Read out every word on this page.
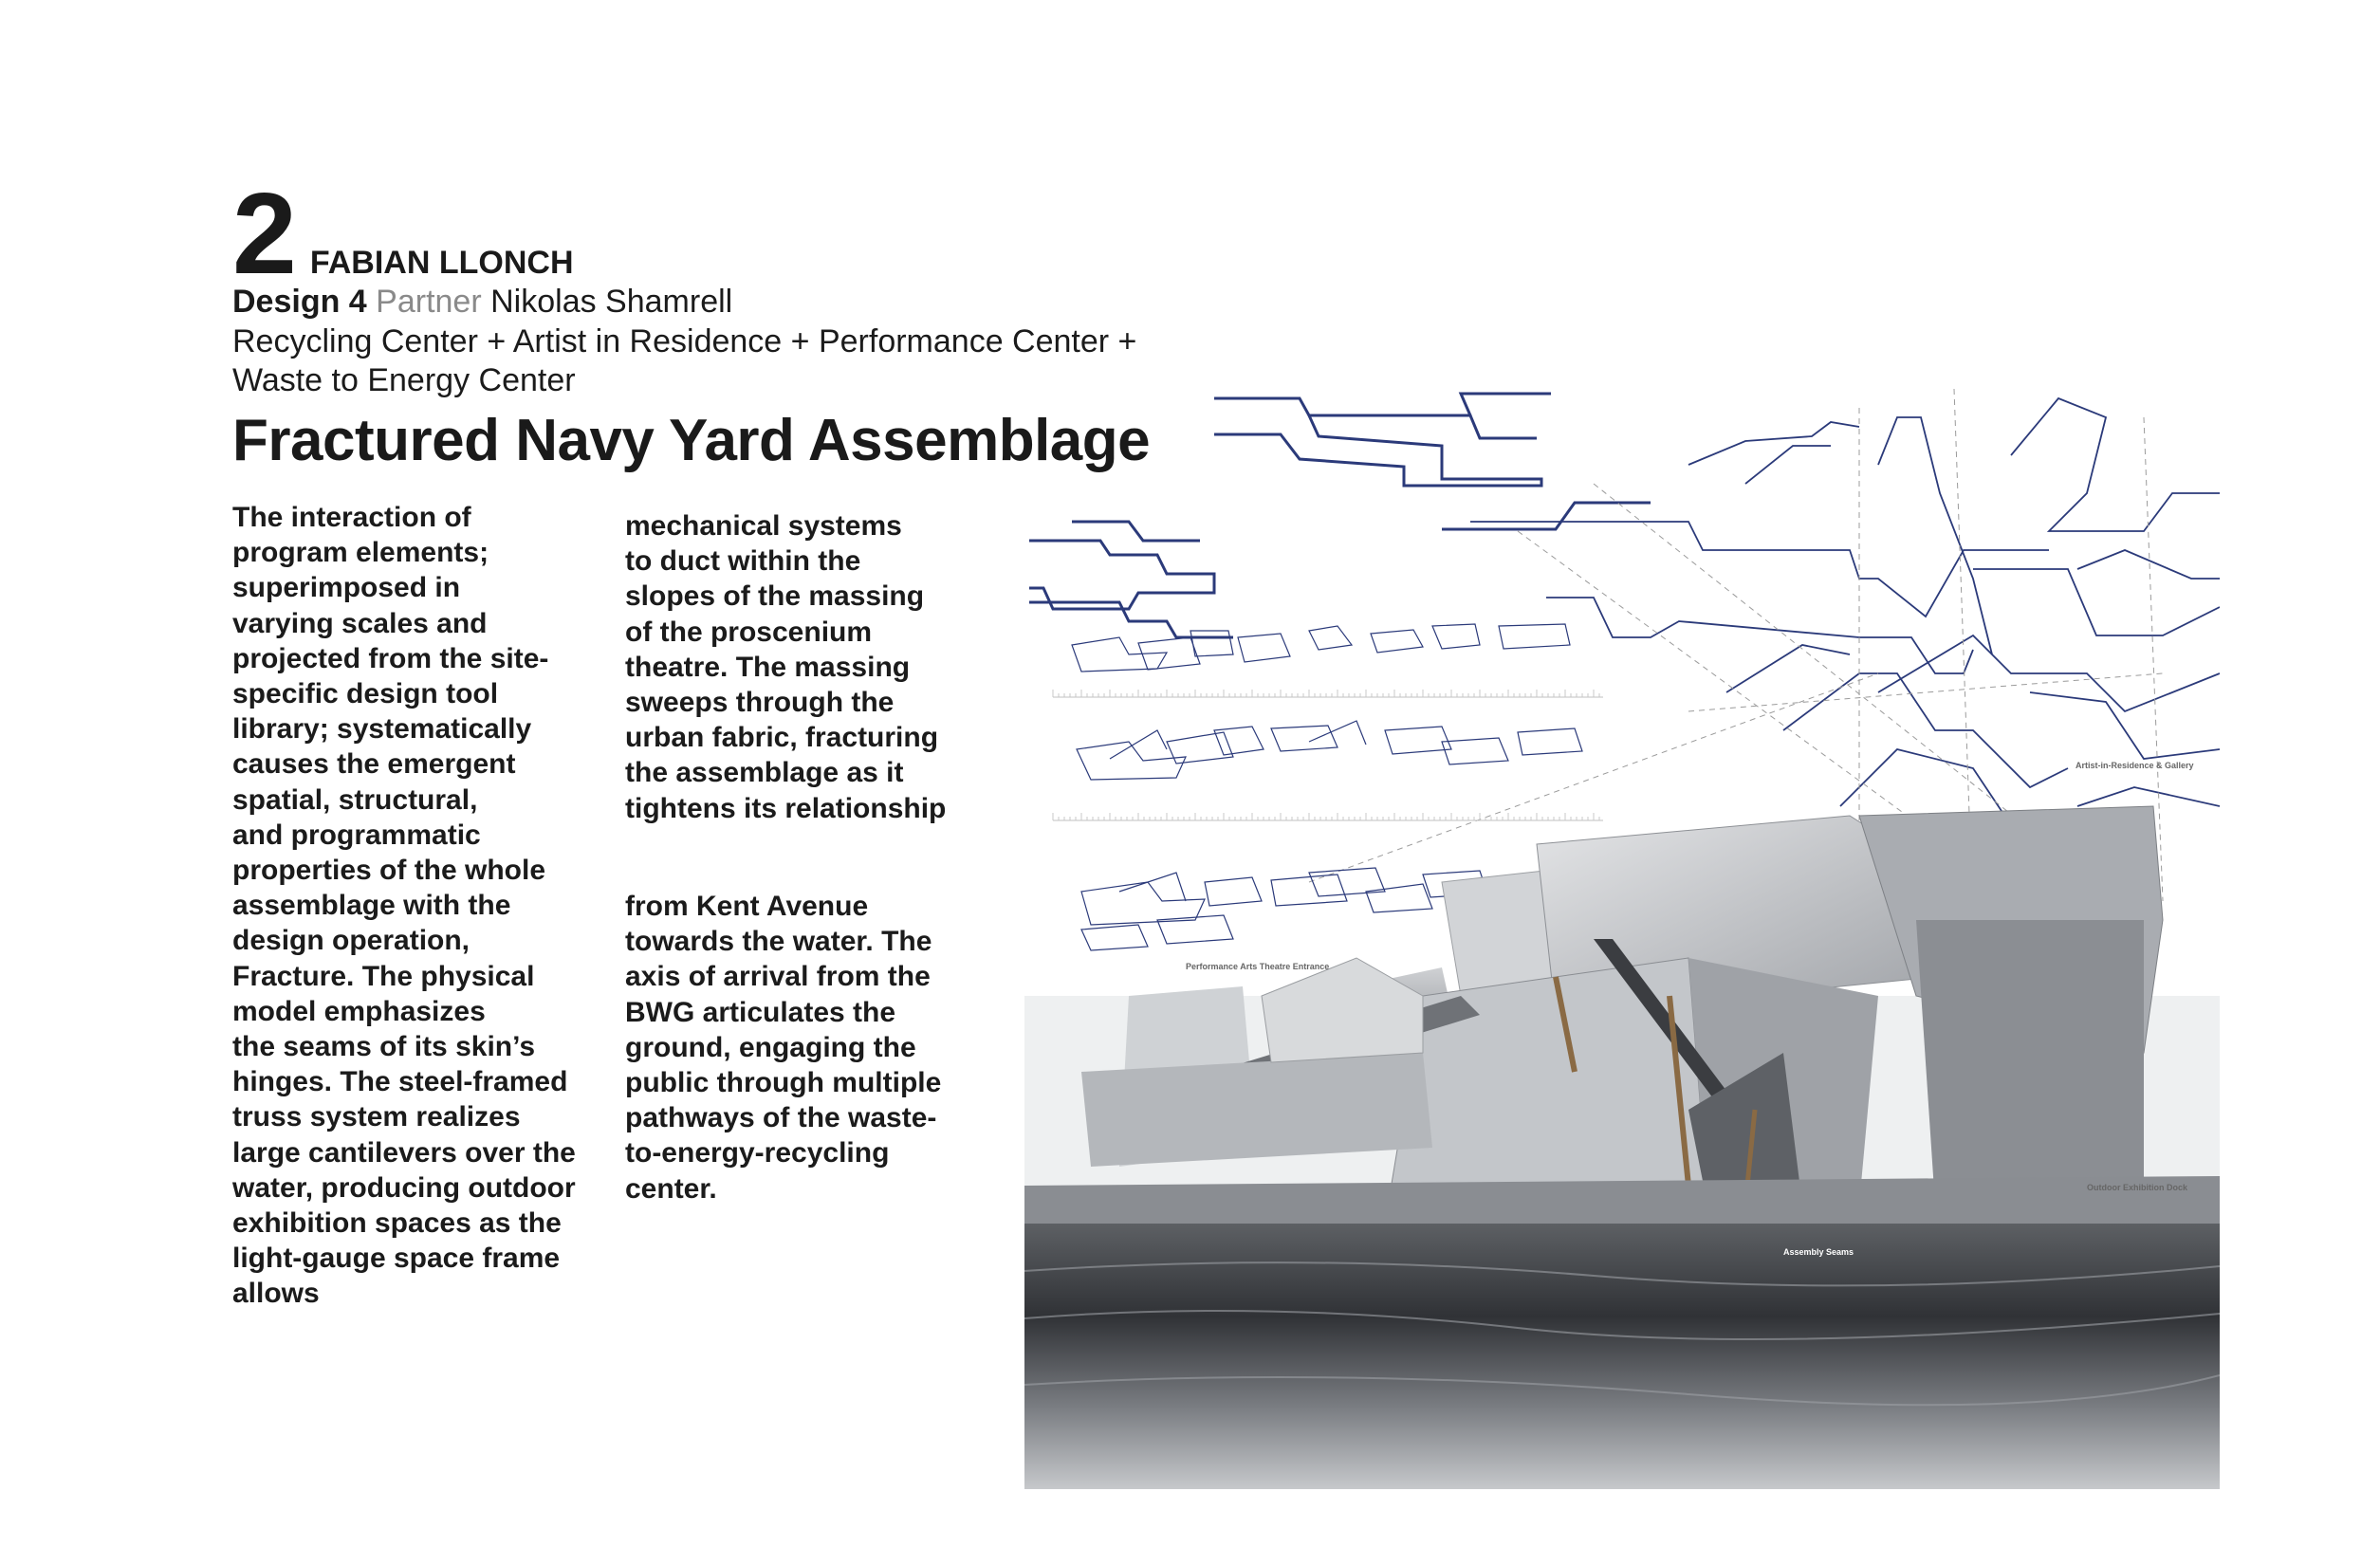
2 FABIAN LLONCH
Design 4 Partner Nikolas Shamrell
Recycling Center + Artist in Residence + Performance Center + Waste to Energy Center
Fractured Navy Yard Assemblage
The interaction of
program elements;
superimposed in
varying scales and
projected from the site-
specific design tool
library; systematically
causes the emergent
spatial, structural,
and programmatic
properties of the whole
assemblage with the
design operation,
Fracture. The physical
model emphasizes
the seams of its skin’s
hinges. The steel-framed
truss system realizes
large cantilevers over the
water, producing outdoor
exhibition spaces as the
light-gauge space frame
allows
mechanical systems
to duct within the
slopes of the massing
of the proscenium
theatre. The massing
sweeps through the
urban fabric, fracturing
the assemblage as it
tightens its relationship
from Kent Avenue
towards the water. The
axis of arrival from the
BWG articulates the
ground, engaging the
public through multiple
pathways of the waste-
to-energy-recycling
center.
Artist-in-Residence & Gallery
Performance Arts Theatre Entrance
Outdoor Exhibition Dock
Assembly Seams
